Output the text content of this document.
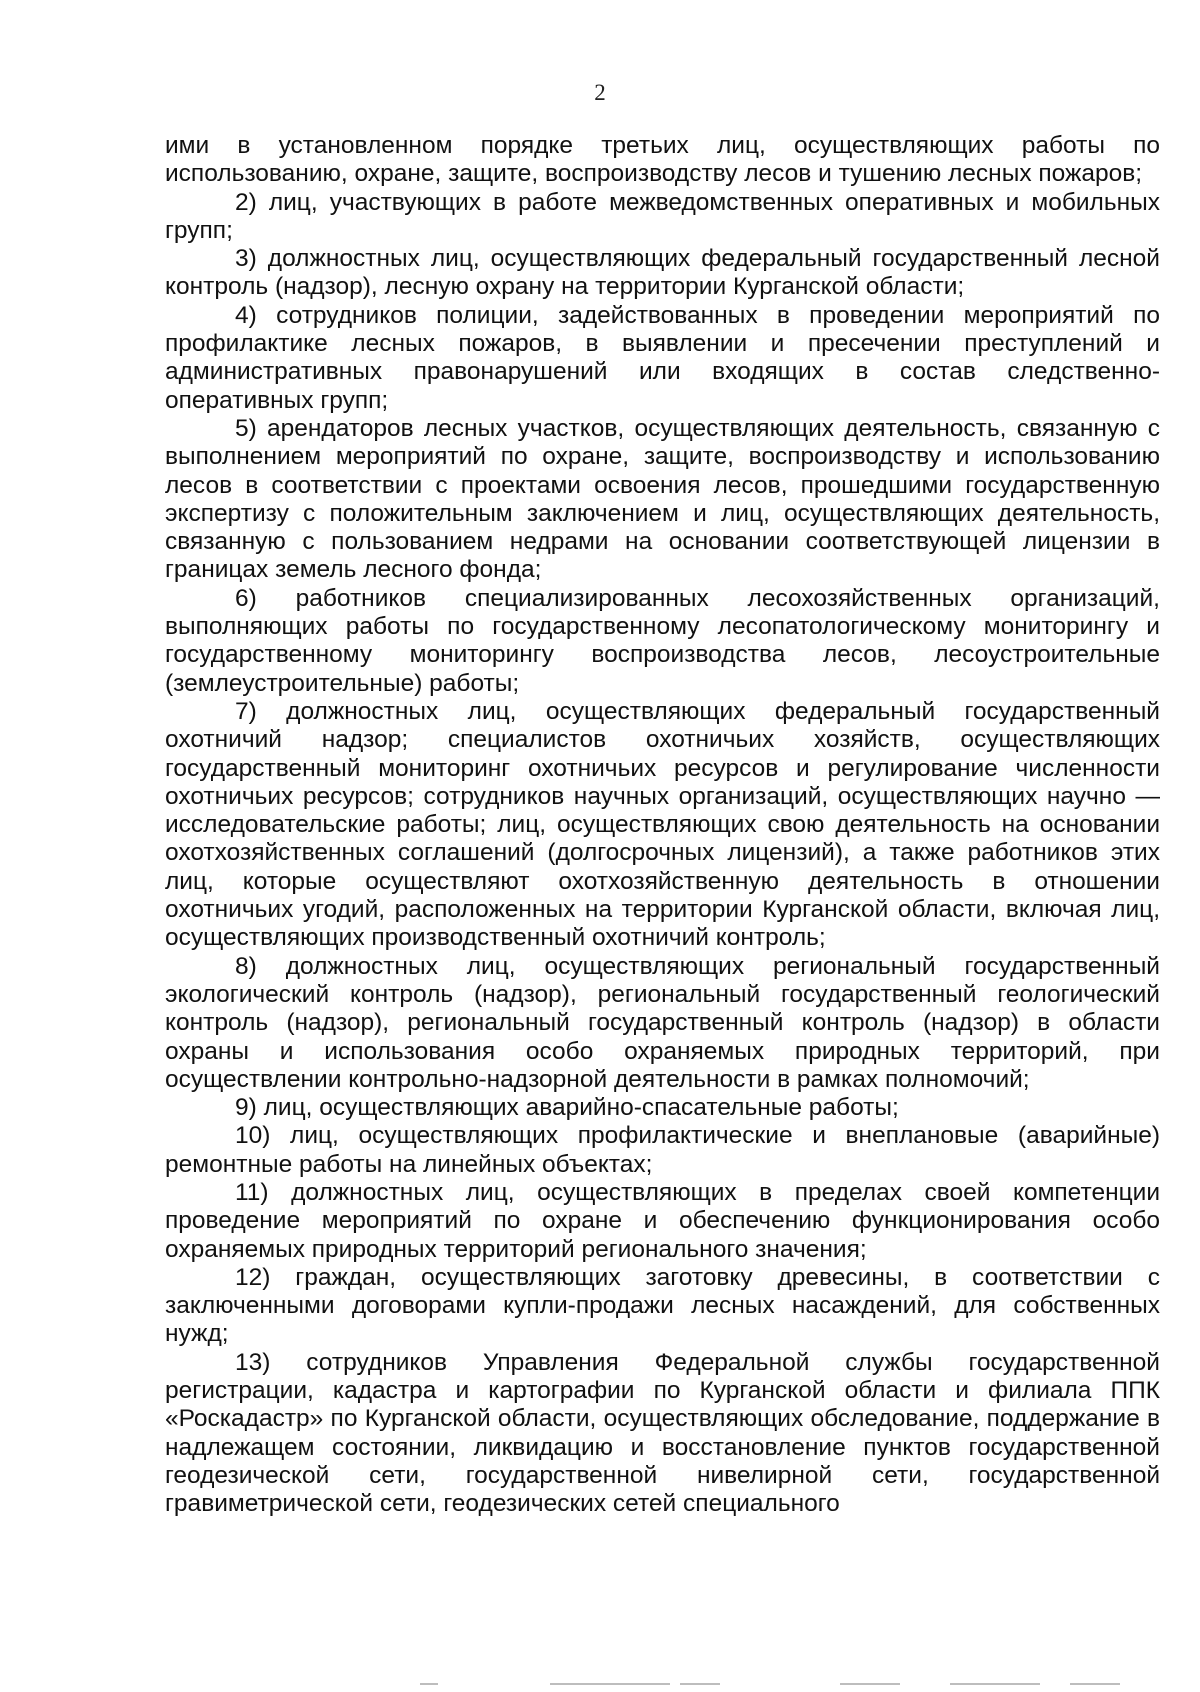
2

ими в установленном порядке третьих лиц, осуществляющих работы по использованию, охране, защите, воспроизводству лесов и тушению лесных пожаров;

2) лиц, участвующих в работе межведомственных оперативных и мобильных групп;

3) должностных лиц, осуществляющих федеральный государственный лесной контроль (надзор), лесную охрану на территории Курганской области;

4) сотрудников полиции, задействованных в проведении мероприятий по профилактике лесных пожаров, в выявлении и пресечении преступлений и административных правонарушений или входящих в состав следственно-оперативных групп;

5) арендаторов лесных участков, осуществляющих деятельность, связанную с выполнением мероприятий по охране, защите, воспроизводству и использованию лесов в соответствии с проектами освоения лесов, прошедшими государственную экспертизу с положительным заключением и лиц, осуществляющих деятельность, связанную с пользованием недрами на основании соответствующей лицензии в границах земель лесного фонда;

6) работников специализированных лесохозяйственных организаций, выполняющих работы по государственному лесопатологическому мониторингу и государственному мониторингу воспроизводства лесов, лесоустроительные (землеустроительные) работы;

7) должностных лиц, осуществляющих федеральный государственный охотничий надзор; специалистов охотничьих хозяйств, осуществляющих государственный мониторинг охотничьих ресурсов и регулирование численности охотничьих ресурсов; сотрудников научных организаций, осуществляющих научно — исследовательские работы; лиц, осуществляющих свою деятельность на основании охотхозяйственных соглашений (долгосрочных лицензий), а также работников этих лиц, которые осуществляют охотхозяйственную деятельность в отношении охотничьих угодий, расположенных на территории Курганской области, включая лиц, осуществляющих производственный охотничий контроль;

8) должностных лиц, осуществляющих региональный государственный экологический контроль (надзор), региональный государственный геологический контроль (надзор), региональный государственный контроль (надзор) в области охраны и использования особо охраняемых природных территорий, при осуществлении контрольно-надзорной деятельности в рамках полномочий;

9) лиц, осуществляющих аварийно-спасательные работы;

10) лиц, осуществляющих профилактические и внеплановые (аварийные) ремонтные работы на линейных объектах;

11) должностных лиц, осуществляющих в пределах своей компетенции проведение мероприятий по охране и обеспечению функционирования особо охраняемых природных территорий регионального значения;

12) граждан, осуществляющих заготовку древесины, в соответствии с заключенными договорами купли-продажи лесных насаждений, для собственных нужд;

13) сотрудников Управления Федеральной службы государственной регистрации, кадастра и картографии по Курганской области и филиала ППК «Роскадастр» по Курганской области, осуществляющих обследование, поддержание в надлежащем состоянии, ликвидацию и восстановление пунктов государственной геодезической сети, государственной нивелирной сети, государственной гравиметрической сети, геодезических сетей специального
